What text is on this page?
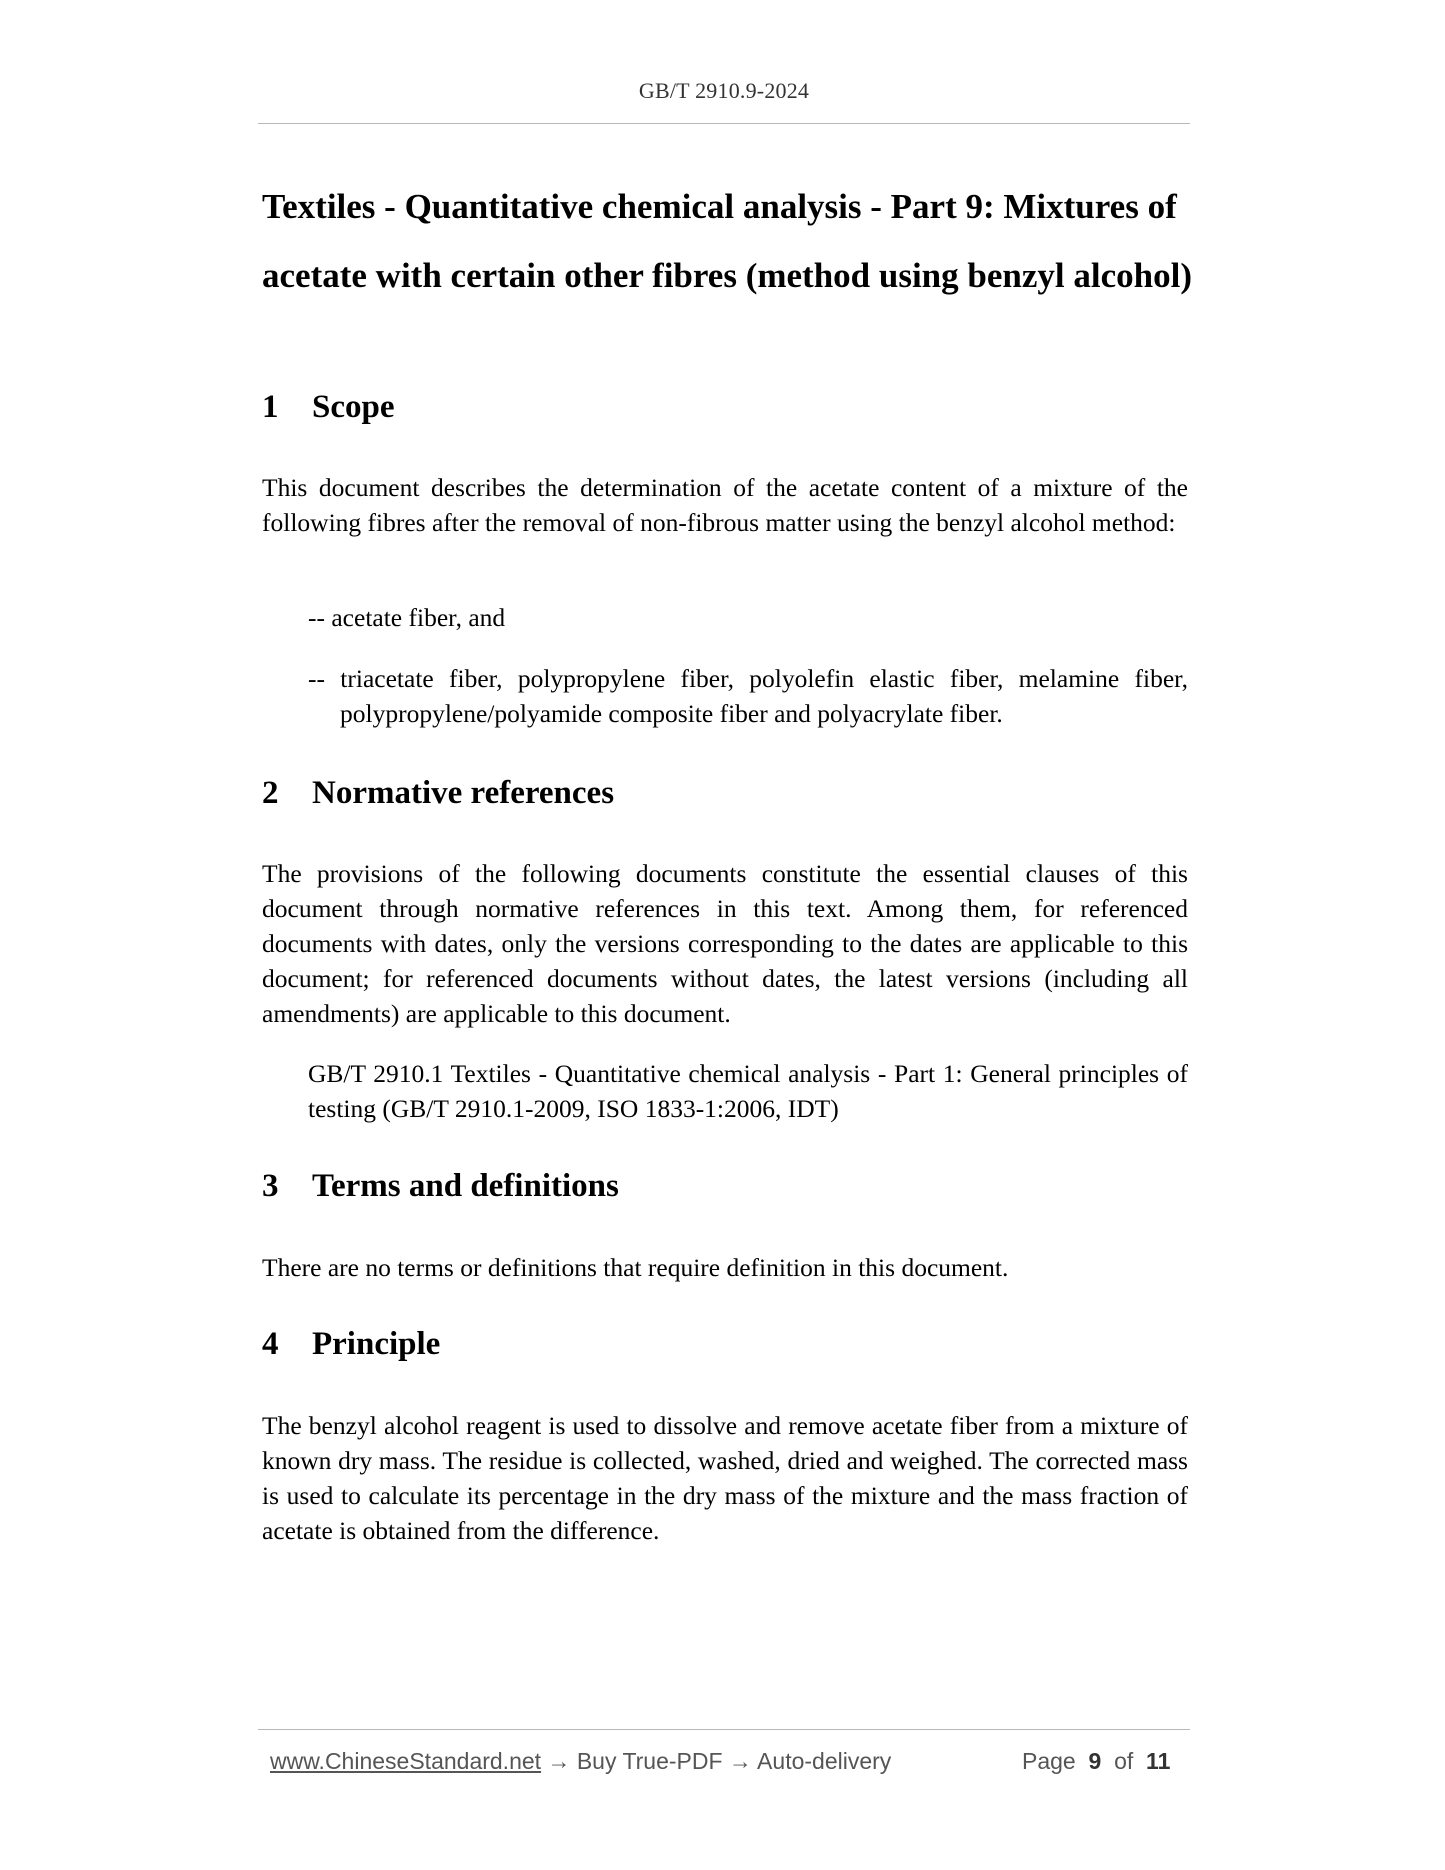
GB/T 2910.9-2024
Textiles - Quantitative chemical analysis - Part 9: Mixtures of acetate with certain other fibres (method using benzyl alcohol)
1 Scope

This document describes the determination of the acetate content of a mixture of the following fibres after the removal of non-fibrous matter using the benzyl alcohol method:

-- acetate fiber, and

-- triacetate fiber, polypropylene fiber, polyolefin elastic fiber, melamine fiber, polypropylene/polyamide composite fiber and polyacrylate fiber.

2 Normative references

The provisions of the following documents constitute the essential clauses of this document through normative references in this text. Among them, for referenced documents with dates, only the versions corresponding to the dates are applicable to this document; for referenced documents without dates, the latest versions (including all amendments) are applicable to this document.

GB/T 2910.1 Textiles - Quantitative chemical analysis - Part 1: General principles of testing (GB/T 2910.1-2009, ISO 1833-1:2006, IDT)

3 Terms and definitions

There are no terms or definitions that require definition in this document.

4 Principle

The benzyl alcohol reagent is used to dissolve and remove acetate fiber from a mixture of known dry mass. The residue is collected, washed, dried and weighed. The corrected mass is used to calculate its percentage in the dry mass of the mixture and the mass fraction of acetate is obtained from the difference.

www.ChineseStandard.net → Buy True-PDF → Auto-delivery	Page 9 of 11
